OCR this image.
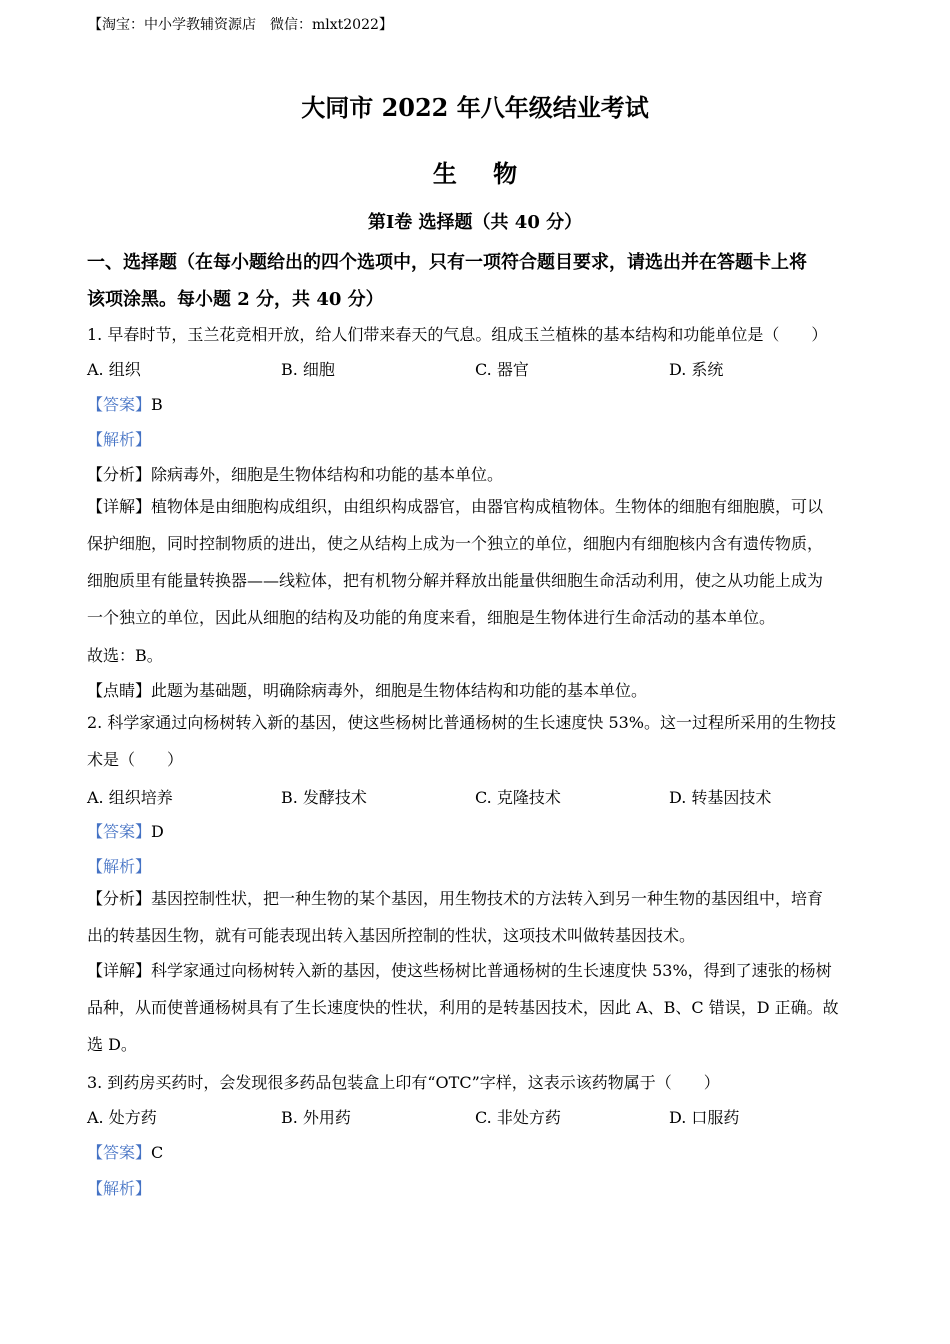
【淘宝：中小学教辅资源店　微信：mlxt2022】
大同市 2022 年八年级结业考试
生 物
第Ⅰ卷 选择题（共 40 分）
一、选择题（在每小题给出的四个选项中，只有一项符合题目要求，请选出并在答题卡上将
该项涂黑。每小题 2 分，共 40 分）
1. 早春时节，玉兰花竞相开放，给人们带来春天的气息。组成玉兰植株的基本结构和功能单位是（　　）
A. 组织	B. 细胞	C. 器官	D. 系统
【答案】B
【解析】
【分析】除病毒外，细胞是生物体结构和功能的基本单位。
【详解】植物体是由细胞构成组织，由组织构成器官，由器官构成植物体。生物体的细胞有细胞膜，可以
保护细胞，同时控制物质的进出，使之从结构上成为一个独立的单位，细胞内有细胞核内含有遗传物质，
细胞质里有能量转换器——线粒体，把有机物分解并释放出能量供细胞生命活动利用，使之从功能上成为
一个独立的单位，因此从细胞的结构及功能的角度来看，细胞是生物体进行生命活动的基本单位。
故选：B。
【点睛】此题为基础题，明确除病毒外，细胞是生物体结构和功能的基本单位。
2. 科学家通过向杨树转入新的基因，使这些杨树比普通杨树的生长速度快 53%。这一过程所采用的生物技
术是（　　）
A. 组织培养	B. 发酵技术	C. 克隆技术	D. 转基因技术
【答案】D
【解析】
【分析】基因控制性状，把一种生物的某个基因，用生物技术的方法转入到另一种生物的基因组中，培育
出的转基因生物，就有可能表现出转入基因所控制的性状，这项技术叫做转基因技术。
【详解】科学家通过向杨树转入新的基因，使这些杨树比普通杨树的生长速度快 53%，得到了速张的杨树
品种，从而使普通杨树具有了生长速度快的性状，利用的是转基因技术，因此 A、B、C 错误，D 正确。故
选 D。
3. 到药房买药时，会发现很多药品包装盒上印有“OTC”字样，这表示该药物属于（　　）
A. 处方药	B. 外用药	C. 非处方药	D. 口服药
【答案】C
【解析】
